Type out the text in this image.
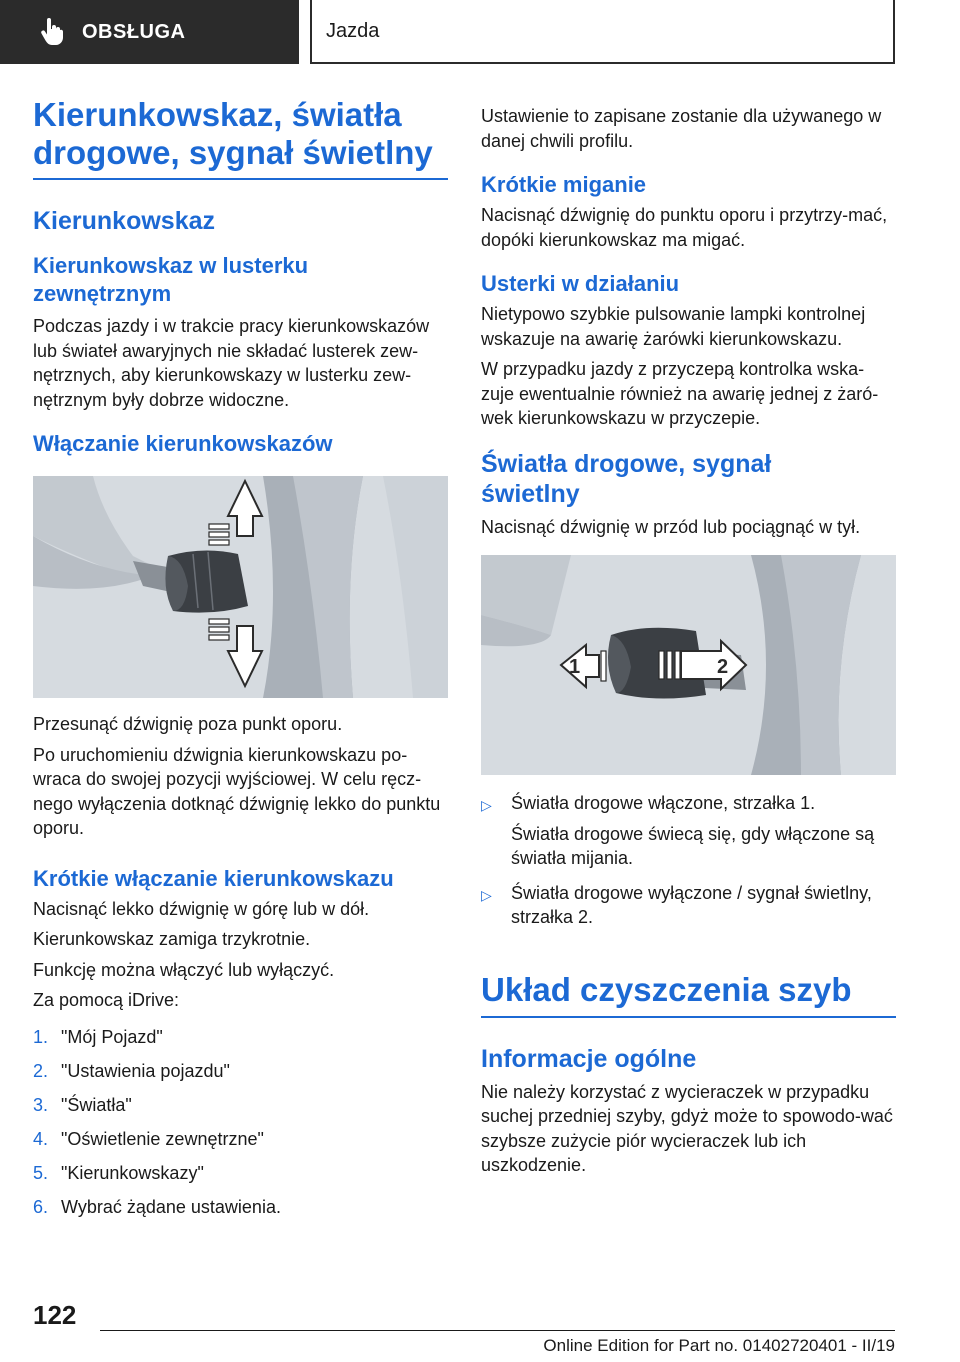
OBSŁUGA	Jazda
Kierunkowskaz, światła drogowe, sygnał świetlny
Kierunkowskaz
Kierunkowskaz w lusterku zewnętrznym

Podczas jazdy i w trakcie pracy kierunkowskazów lub świateł awaryjnych nie składać lusterek zew-nętrznych, aby kierunkowskazy w lusterku zew-nętrznym były dobrze widoczne.

Włączanie kierunkowskazów

Przesunąć dźwignię poza punkt oporu.

Po uruchomieniu dźwignia kierunkowskazu po-wraca do swojej pozycji wyjściowej. W celu ręcz-nego wyłączenia dotknąć dźwignię lekko do punktu oporu.

Krótkie włączanie kierunkowskazu

Nacisnąć lekko dźwignię w górę lub w dół.

Kierunkowskaz zamiga trzykrotnie.

Funkcję można włączyć lub wyłączyć.

Za pomocą iDrive:

1. "Mój Pojazd"
2. "Ustawienia pojazdu"
3. "Światła"
4. "Oświetlenie zewnętrzne"
5. "Kierunkowskazy"
6. Wybrać żądane ustawienia.

Ustawienie to zapisane zostanie dla używanego w danej chwili profilu.

Krótkie miganie

Nacisnąć dźwignię do punktu oporu i przytrzy-mać, dopóki kierunkowskaz ma migać.

Usterki w działaniu

Nietypowo szybkie pulsowanie lampki kontrolnej wskazuje na awarię żarówki kierunkowskazu.

W przypadku jazdy z przyczepą kontrolka wska-zuje ewentualnie również na awarię jednej z żaró-wek kierunkowskazu w przyczepie.

Światła drogowe, sygnał świetlny

Nacisnąć dźwignię w przód lub pociągnąć w tył.

1	2
▷	Światła drogowe włączone, strzałka 1.
Światła drogowe świecą się, gdy włączone są światła mijania.
▷	Światła drogowe wyłączone / sygnał świetlny, strzałka 2.
Układ czyszczenia szyb
Informacje ogólne

Nie należy korzystać z wycieraczek w przypadku suchej przedniej szyby, gdyż może to spowodo-wać szybsze zużycie piór wycieraczek lub ich uszkodzenie.

122
Online Edition for Part no. 01402720401 - II/19
